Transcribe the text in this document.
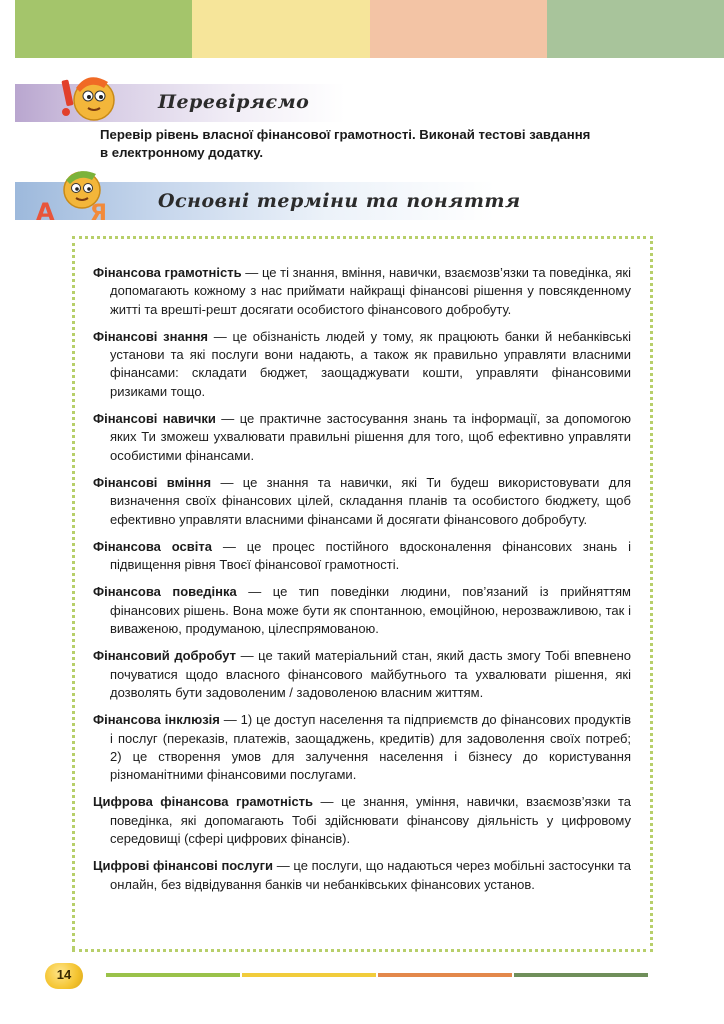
Перевіряємо
Перевір рівень власної фінансової грамотності. Виконай тестові завдання
в електронному додатку.
А Я	Основні терміни та поняття

Фінансова грамотність — це ті знання, вміння, навички, взаємозв’язки та поведінка, які допомагають кожному з нас приймати найкращі фінансові рішення у повсякденному житті та врешті-решт досягати особистого фінансового добробуту.

Фінансові знання — це обізнаність людей у тому, як працюють банки й небанківські установи та які послуги вони надають, а також як правильно управляти власними фінансами: складати бюджет, заощаджувати кошти, управляти фінансовими ризиками тощо.

Фінансові навички — це практичне застосування знань та інформації, за допомогою яких Ти зможеш ухвалювати правильні рішення для того, щоб ефективно управляти особистими фінансами.

Фінансові вміння — це знання та навички, які Ти будеш використовувати для визначення своїх фінансових цілей, складання планів та особистого бюджету, щоб ефективно управляти власними фінансами й досягати фінансового добробуту.

Фінансова освіта — це процес постійного вдосконалення фінансових знань і підвищення рівня Твоєї фінансової грамотності.

Фінансова поведінка — це тип поведінки людини, пов’язаний із прийняттям фінансових рішень. Вона може бути як спонтанною, емоційною, нерозважливою, так і виваженою, продуманою, цілеспрямованою.

Фінансовий добробут — це такий матеріальний стан, який дасть змогу Тобі впевнено почуватися щодо власного фінансового майбутнього та ухвалювати рішення, які дозволять бути задоволеним / задоволеною власним життям.

Фінансова інклюзія — 1) це доступ населення та підприємств до фінансових продуктів і послуг (переказів, платежів, заощаджень, кредитів) для задоволення своїх потреб; 2) це створення умов для залучення населення і бізнесу до користування різноманітними фінансовими послугами.

Цифрова фінансова грамотність — це знання, уміння, навички, взаємозв’язки та поведінка, які допомагають Тобі здійснювати фінансову діяльність у цифровому середовищі (сфері цифрових фінансів).

Цифрові фінансові послуги — це послуги, що надаються через мобільні застосунки та онлайн, без відвідування банків чи небанківських фінансових установ.

14
